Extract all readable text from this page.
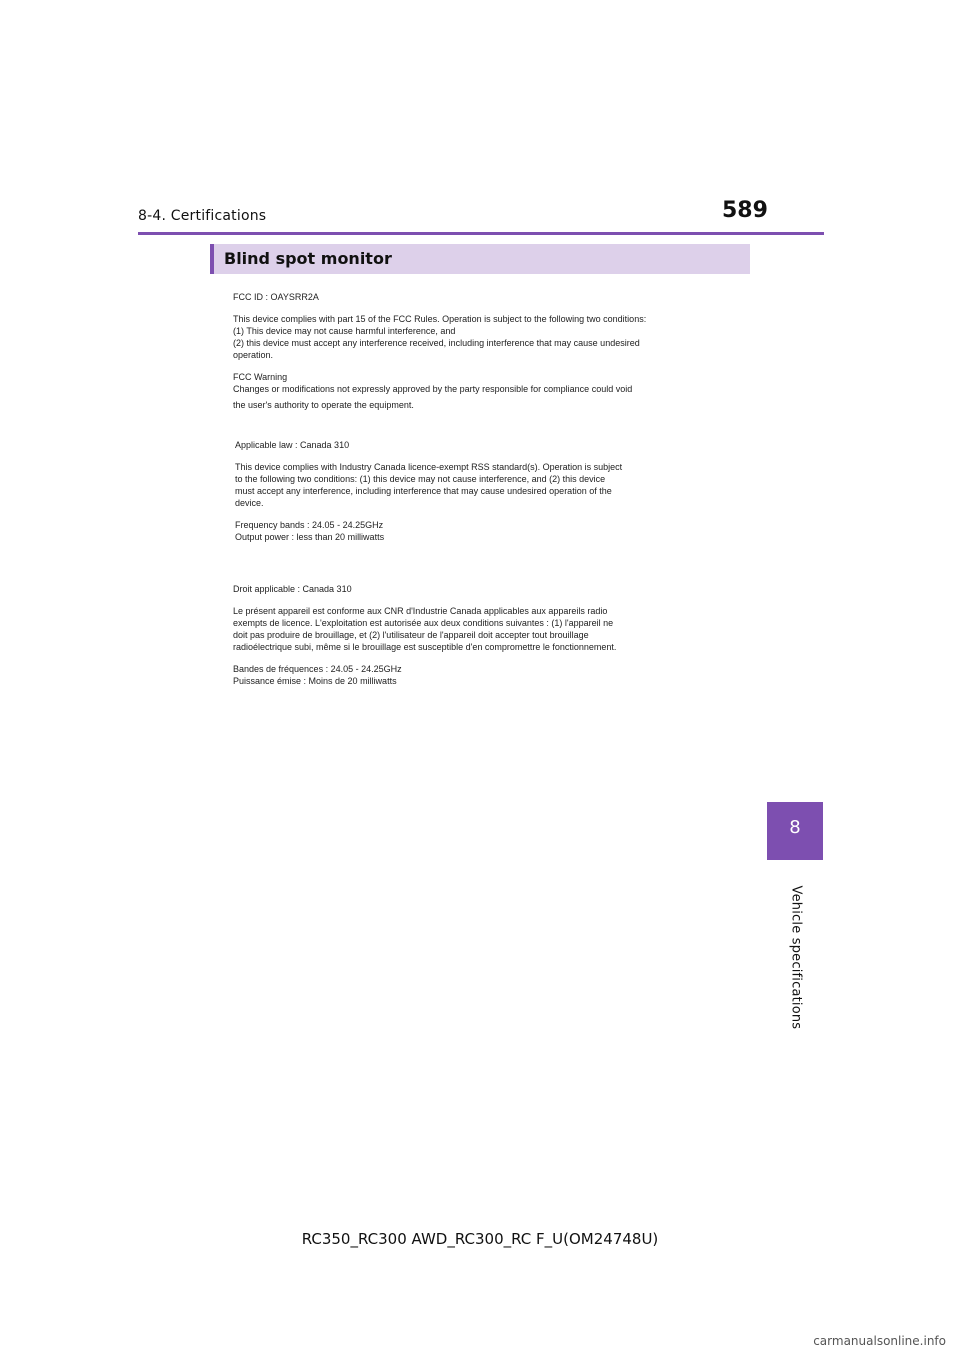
8-4. Certifications	589
Blind spot monitor

FCC ID : OAYSRR2A

This device complies with part 15 of the FCC Rules. Operation is subject to the following two conditions:

(1) This device may not cause harmful interference, and

(2) this device must accept any interference received, including interference that may cause undesired

operation.

FCC Warning

Changes or modifications not expressly approved by the party responsible for compliance could void

the user's authority to operate the equipment.

Applicable law : Canada 310

This device complies with Industry Canada licence-exempt RSS standard(s). Operation is subject

to the following two conditions: (1) this device may not cause interference, and (2) this device

must accept any interference, including interference that may cause undesired operation of the

device.

Frequency bands : 24.05 - 24.25GHz

Output power : less than 20 milliwatts

Droit applicable : Canada 310

Le présent appareil est conforme aux CNR d'Industrie Canada applicables aux appareils radio

exempts de licence. L'exploitation est autorisée aux deux conditions suivantes : (1) l'appareil ne

doit pas produire de brouillage, et (2) l'utilisateur de l'appareil doit accepter tout brouillage

radioélectrique subi, même si le brouillage est susceptible d'en compromettre le fonctionnement.

Bandes de fréquences : 24.05 - 24.25GHz

Puissance émise : Moins de 20 milliwatts

8
Vehicle specifications
RC350_RC300 AWD_RC300_RC F_U(OM24748U)
carmanualsonline.info
